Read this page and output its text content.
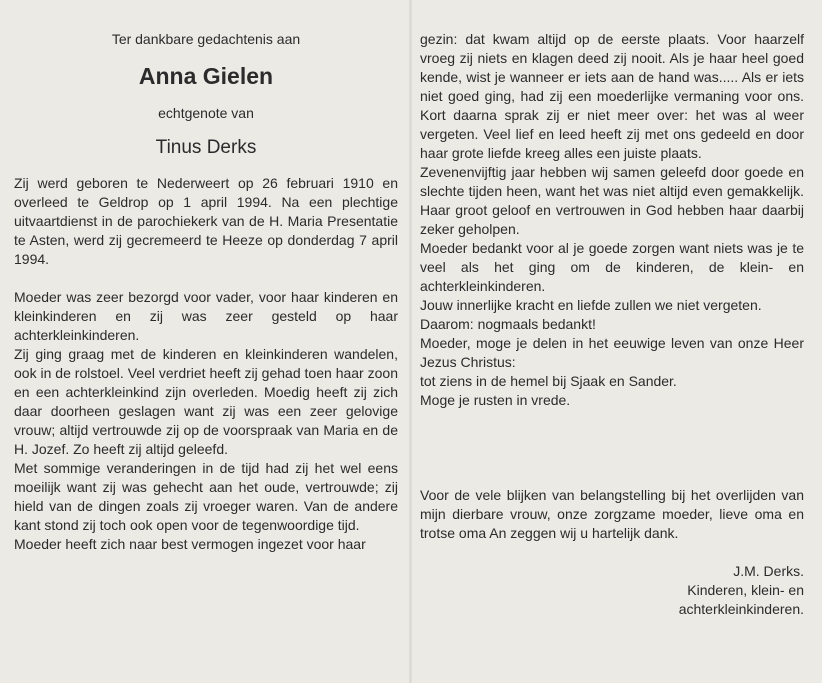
Ter dankbare gedachtenis aan
Anna Gielen
echtgenote van
Tinus Derks

Zij werd geboren te Nederweert op 26 februari 1910 en overleed te Geldrop op 1 april 1994. Na een plechtige uitvaartdienst in de parochiekerk van de H. Maria Presentatie te Asten, werd zij gecremeerd te Heeze op donderdag 7 april 1994.

Moeder was zeer bezorgd voor vader, voor haar kinderen en kleinkinderen en zij was zeer gesteld op haar achterkleinkinderen.

Zij ging graag met de kinderen en kleinkinderen wandelen, ook in de rolstoel. Veel verdriet heeft zij gehad toen haar zoon en een achterkleinkind zijn overleden. Moedig heeft zij zich daar doorheen geslagen want zij was een zeer gelovige vrouw; altijd vertrouwde zij op de voorspraak van Maria en de H. Jozef. Zo heeft zij altijd geleefd.

Met sommige veranderingen in de tijd had zij het wel eens moeilijk want zij was gehecht aan het oude, vertrouwde; zij hield van de dingen zoals zij vroeger waren. Van de andere kant stond zij toch ook open voor de tegenwoordige tijd.

Moeder heeft zich naar best vermogen ingezet voor haar

gezin: dat kwam altijd op de eerste plaats. Voor haarzelf vroeg zij niets en klagen deed zij nooit. Als je haar heel goed kende, wist je wanneer er iets aan de hand was..... Als er iets niet goed ging, had zij een moederlijke vermaning voor ons. Kort daarna sprak zij er niet meer over: het was al weer vergeten. Veel lief en leed heeft zij met ons gedeeld en door haar grote liefde kreeg alles een juiste plaats.

Zevenenvijftig jaar hebben wij samen geleefd door goede en slechte tijden heen, want het was niet altijd even gemakkelijk. Haar groot geloof en vertrouwen in God hebben haar daarbij zeker geholpen.

Moeder bedankt voor al je goede zorgen want niets was je te veel als het ging om de kinderen, de klein- en achterkleinkinderen.

Jouw innerlijke kracht en liefde zullen we niet vergeten.

Daarom: nogmaals bedankt!

Moeder, moge je delen in het eeuwige leven van onze Heer Jezus Christus:

tot ziens in de hemel bij Sjaak en Sander.

Moge je rusten in vrede.

Voor de vele blijken van belangstelling bij het overlijden van mijn dierbare vrouw, onze zorgzame moeder, lieve oma en trotse oma An zeggen wij u hartelijk dank.

J.M. Derks.

Kinderen, klein- en

achterkleinkinderen.
